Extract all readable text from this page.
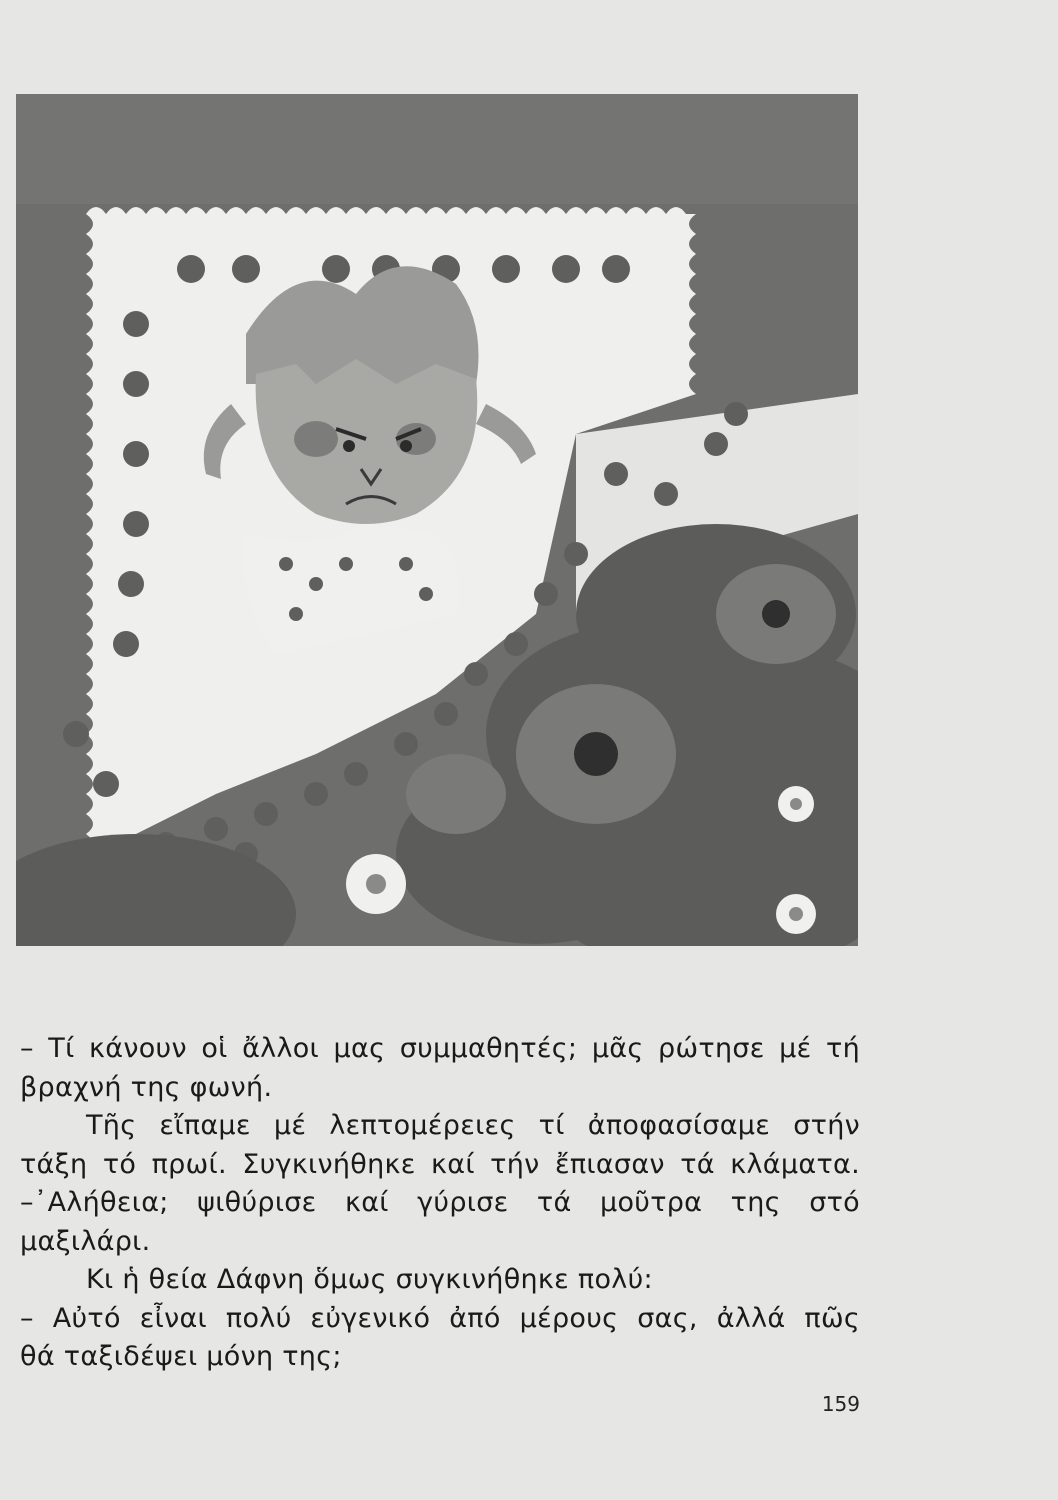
– Τί κάνουν οἱ ἄλλοι μας συμμαθητές; μᾶς ρώτησε μέ τή

βραχνή της φωνή.

Τῆς εἴπαμε μέ λεπτομέρειες τί ἀποφασίσαμε στήν

τάξη τό πρωί. Συγκινήθηκε καί τήν ἔπιασαν τά κλάματα.

–᾿Αλήθεια; ψιθύρισε καί γύρισε τά μοῦτρα της στό

μαξιλάρι.

Κι ἡ θεία Δάφνη ὅμως συγκινήθηκε πολύ:

– Αὐτό εἶναι πολύ εὐγενικό ἀπό μέρους σας, ἀλλά πῶς

θά ταξιδέψει μόνη της;

159
